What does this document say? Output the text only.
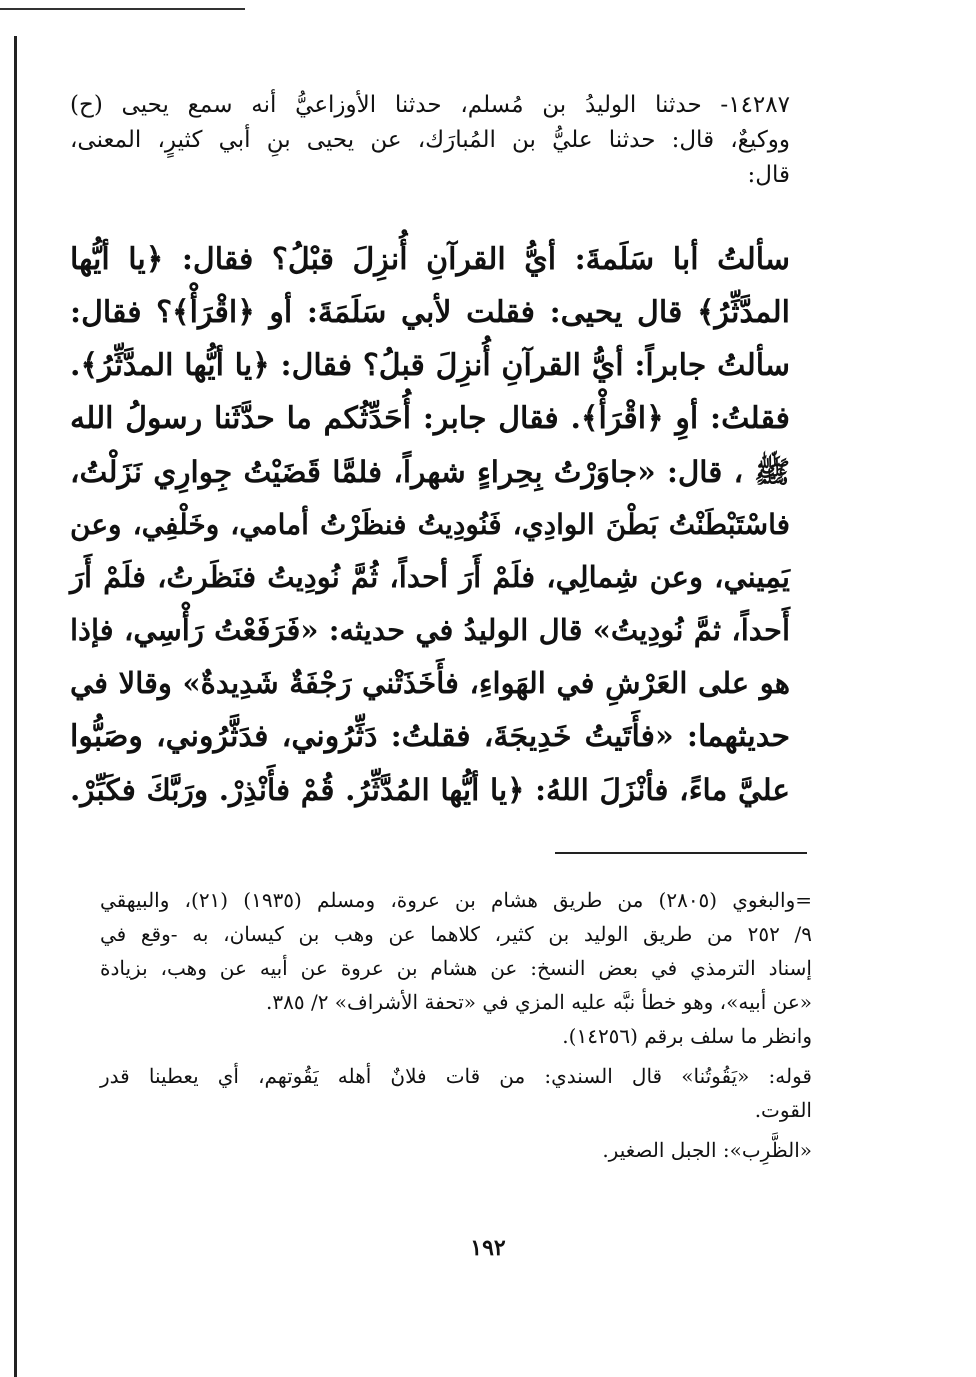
١٤٢٨٧- حدثنا الوليدُ بن مُسلم، حدثنا الأوزاعيُّ أنه سمع يحيى (ح)
ووكيعٌ، قال: حدثنا عليُّ بن المُبارَك، عن يحيى بنِ أبي كثيرٍ، المعنى،
قال:
سألتُ أبا سَلَمةَ: أيُّ القرآنِ أُنزِلَ قبْلُ؟ فقال: ﴿يا أيُّها
المدَّثِّرُ﴾ قال يحيى: فقلت لأبي سَلَمَةَ: أو ﴿اقْرَأْ﴾؟ فقال:
سألتُ جابراً: أيُّ القرآنِ أُنزِلَ قبلُ؟ فقال: ﴿يا أيُّها المدَّثِّرُ﴾.
فقلتُ: أوِ ﴿اقْرَأْ﴾. فقال جابر: أُحَدِّثُكم ما حدَّثَنا رسولُ الله
ﷺ ، قال: «جاوَرْتُ بِحِراءٍ شهراً، فلمَّا قَضَيْتُ جِوارِي نَزَلْتُ،
فاسْتَبْطَنْتُ بَطْنَ الوادِي، فَنُودِيتُ فنظَرْتُ أمامي، وخَلْفِي، وعن
يَمِيني، وعن شِمالِي، فلَمْ أَرَ أحداً، ثُمَّ نُودِيتُ فنَظَرتُ، فلَمْ أَرَ
أَحداً، ثمَّ نُودِيتُ» قال الوليدُ في حديثه: «فَرَفَعْتُ رَأْسِي، فإذا
هو على العَرْشِ في الهَواءِ، فأَخَذَتْني رَجْفَةٌ شَدِيدةٌ» وقالا في
حديثهما: «فأَتَيتُ خَدِيجَةَ، فقلتُ: دَثِّرُوني، فدَثَّرُوني، وصَبُّوا
عليَّ ماءً، فأنْزَلَ اللهُ: ﴿يا أيُّها المُدَّثِّرُ. قُمْ فأَنْذِرْ. ورَبَّكَ فكَبِّرْ.
=والبغوي (٢٨٠٥) من طريق هشام بن عروة، ومسلم (١٩٣٥) (٢١)، والبيهقي
٩/ ٢٥٢ من طريق الوليد بن كثير، كلاهما عن وهب بن كيسان، به -وقع في
إسناد الترمذي في بعض النسخ: عن هشام بن عروة عن أبيه عن وهب، بزيادة
«عن أبيه»، وهو خطأ نبَّه عليه المزي في «تحفة الأشراف» ٢/ ٣٨٥.
وانظر ما سلف برقم (١٤٢٥٦).
قوله: «يَقُوتُنا» قال السندي: من قات فلانٌ أهله يَقُوتهم، أي يعطينا قدر
القوت.
«الظَّرِب»: الجبل الصغير.
١٩٢
